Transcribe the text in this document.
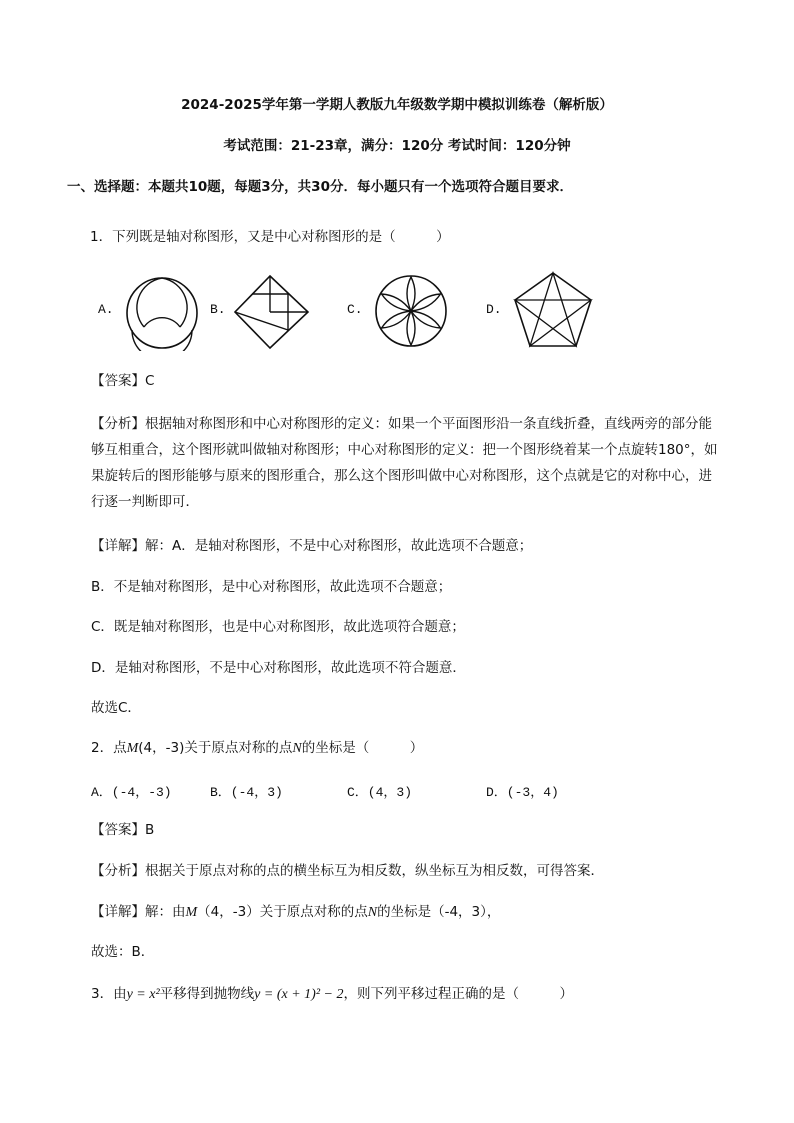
2024-2025学年第一学期人教版九年级数学期中模拟训练卷（解析版）
考试范围：21-23章，满分：120分 考试时间：120分钟
一、选择题：本题共10题，每题3分，共30分．每小题只有一个选项符合题目要求．
1．下列既是轴对称图形，又是中心对称图形的是（　　　）
A.	B.	C.	D.
【答案】C
【分析】根据轴对称图形和中心对称图形的定义：如果一个平面图形沿一条直线折叠，直线两旁的部分能
够互相重合，这个图形就叫做轴对称图形；中心对称图形的定义：把一个图形绕着某一个点旋转180°，如
果旋转后的图形能够与原来的图形重合，那么这个图形叫做中心对称图形，这个点就是它的对称中心，进
行逐一判断即可．
【详解】解：A．是轴对称图形，不是中心对称图形，故此选项不合题意；
B．不是轴对称图形，是中心对称图形，故此选项不合题意；
C．既是轴对称图形，也是中心对称图形，故此选项符合题意；
D．是轴对称图形，不是中心对称图形，故此选项不符合题意．
故选C．
2．点M(4，-3)关于原点对称的点N的坐标是（　　　）
A．(-4，-3)	B．(-4，3)	C．(4，3)	D．(-3，4)
【答案】B
【分析】根据关于原点对称的点的横坐标互为相反数，纵坐标互为相反数，可得答案．
【详解】解：由M（4，-3）关于原点对称的点N的坐标是（-4，3），
故选：B．
3．由y = x²平移得到抛物线y = (x + 1)² − 2，则下列平移过程正确的是（　　　）
